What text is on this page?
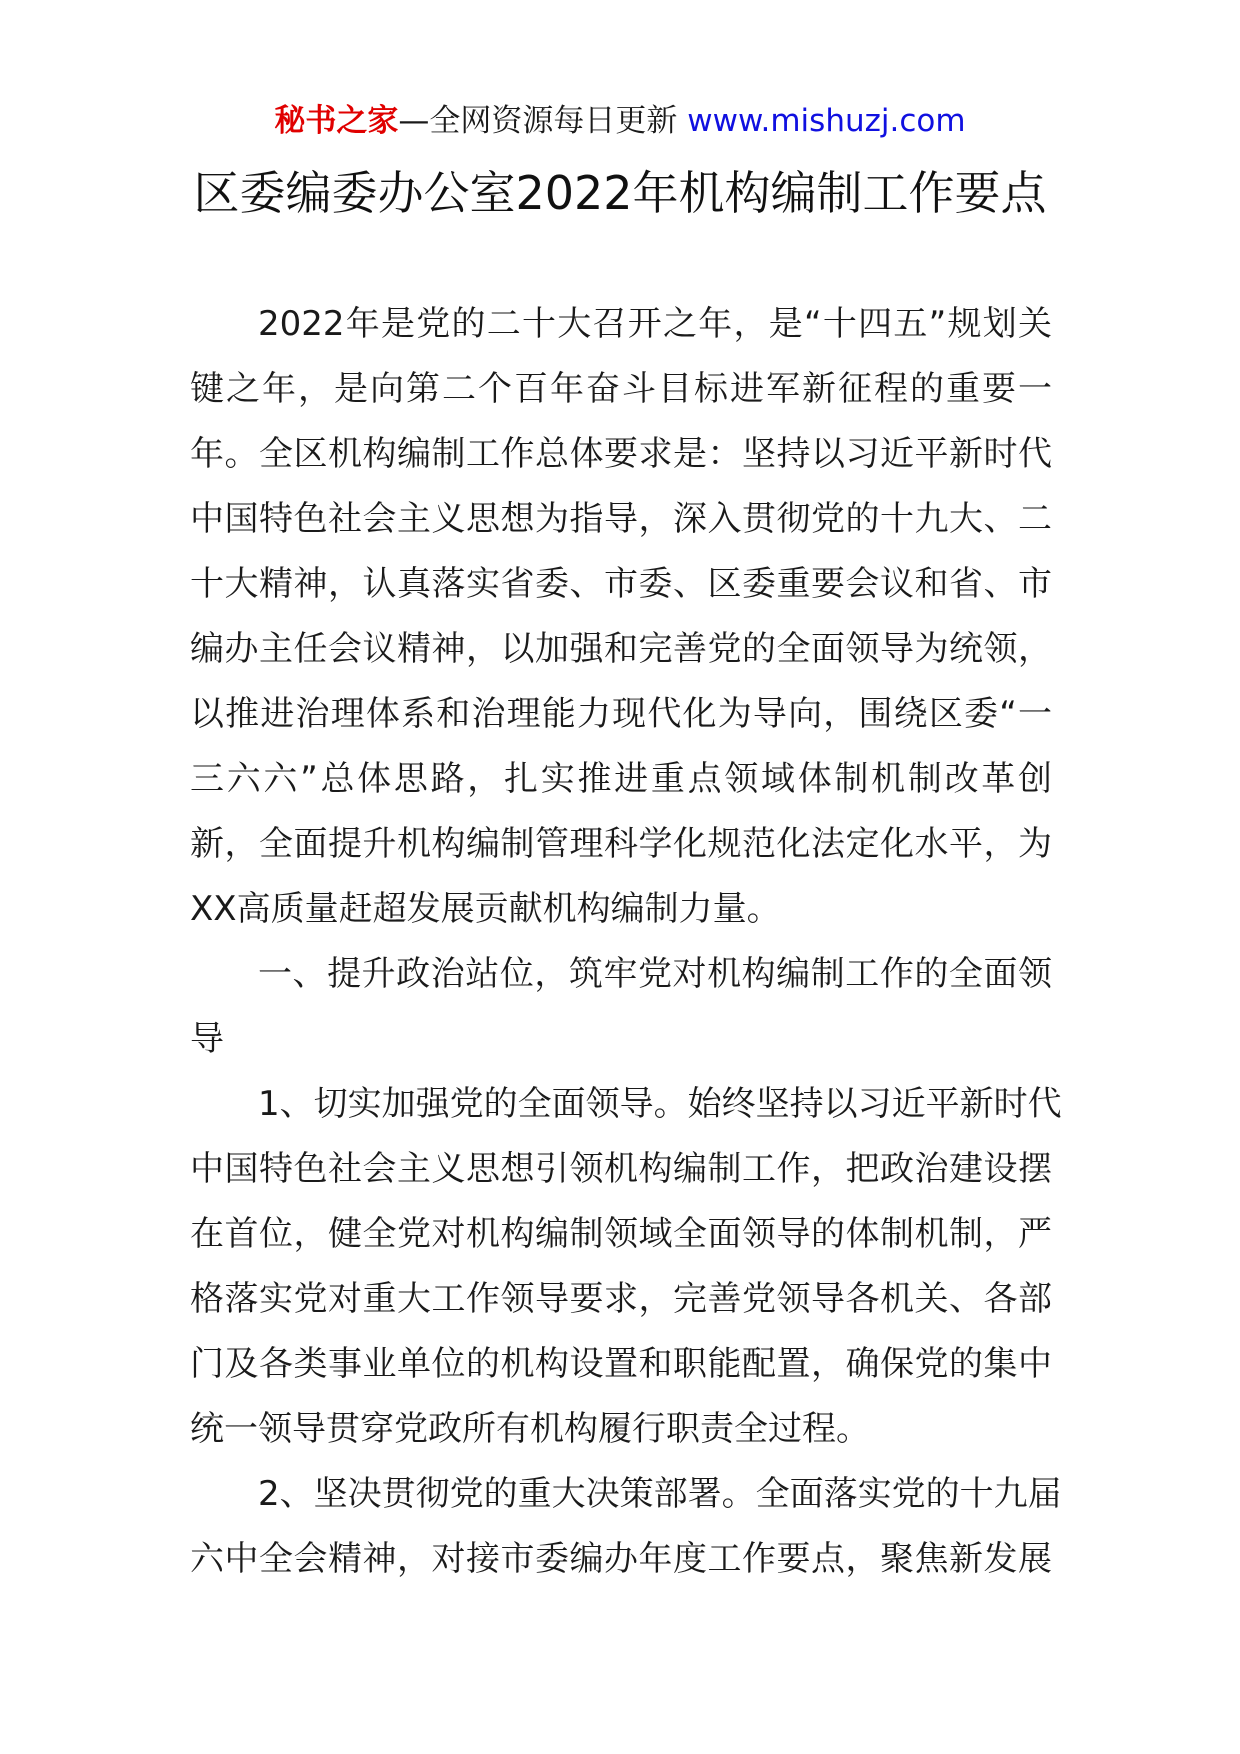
秘书之家—全网资源每日更新 www.mishuzj.com
区委编委办公室2022年机构编制工作要点
2022年是党的二十大召开之年，是“十四五”规划关
键之年，是向第二个百年奋斗目标进军新征程的重要一
年。全区机构编制工作总体要求是：坚持以习近平新时代
中国特色社会主义思想为指导，深入贯彻党的十九大、二
十大精神，认真落实省委、市委、区委重要会议和省、市
编办主任会议精神，以加强和完善党的全面领导为统领，
以推进治理体系和治理能力现代化为导向，围绕区委“一
三六六”总体思路，扎实推进重点领域体制机制改革创
新，全面提升机构编制管理科学化规范化法定化水平，为
XX高质量赶超发展贡献机构编制力量。
一、提升政治站位，筑牢党对机构编制工作的全面领
导
1、切实加强党的全面领导。始终坚持以习近平新时代
中国特色社会主义思想引领机构编制工作，把政治建设摆
在首位，健全党对机构编制领域全面领导的体制机制，严
格落实党对重大工作领导要求，完善党领导各机关、各部
门及各类事业单位的机构设置和职能配置，确保党的集中
统一领导贯穿党政所有机构履行职责全过程。
2、坚决贯彻党的重大决策部署。全面落实党的十九届
六中全会精神，对接市委编办年度工作要点，聚焦新发展
